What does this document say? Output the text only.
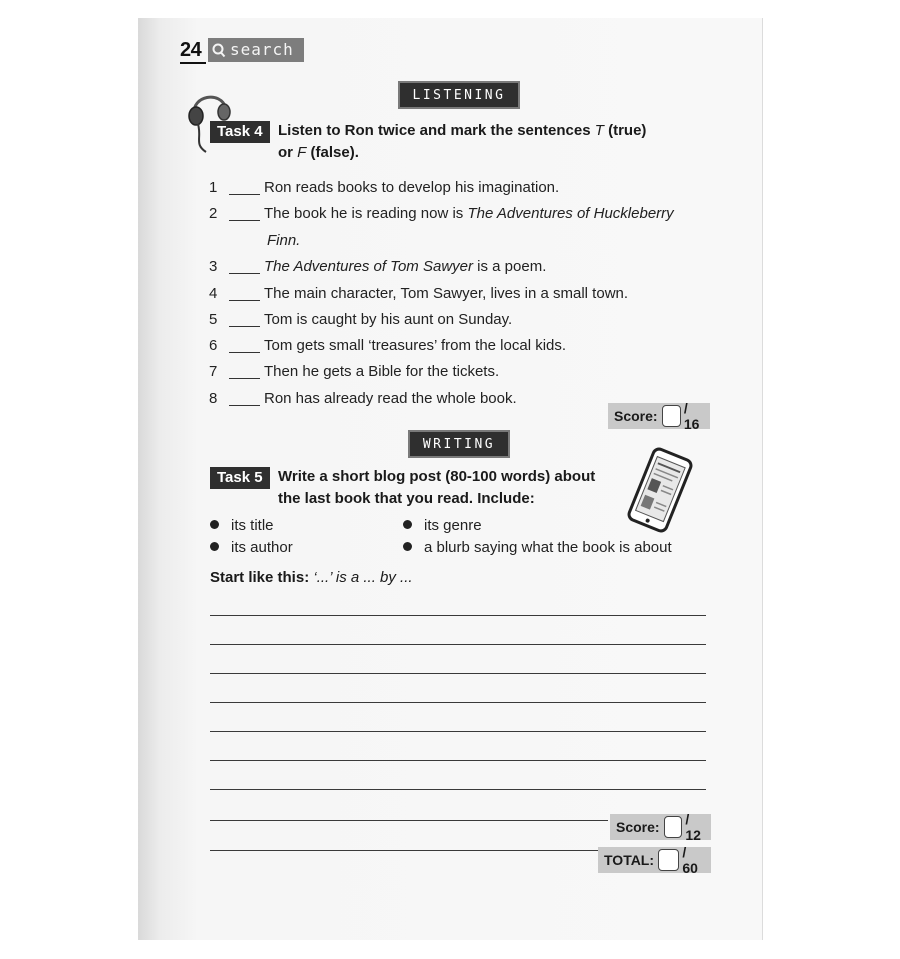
24 search
LISTENING
Task 4	Listen to Ron twice and mark the sentences T (true)
or F (false).
1	Ron reads books to develop his imagination.
2	The book he is reading now is The Adventures of Huckleberry
Finn.
3	The Adventures of Tom Sawyer is a poem.
4	The main character, Tom Sawyer, lives in a small town.
5	Tom is caught by his aunt on Sunday.
6	Tom gets small ‘treasures’ from the local kids.
7	Then he gets a Bible for the tickets.
8	Ron has already read the whole book.
Score: / 16
WRITING
Task 5	Write a short blog post (80-100 words) about
the last book that you read. Include:
its title
its author
its genre
a blurb saying what the book is about
Start like this: ‘...’ is a ... by ...
Score: / 12
TOTAL: / 60
